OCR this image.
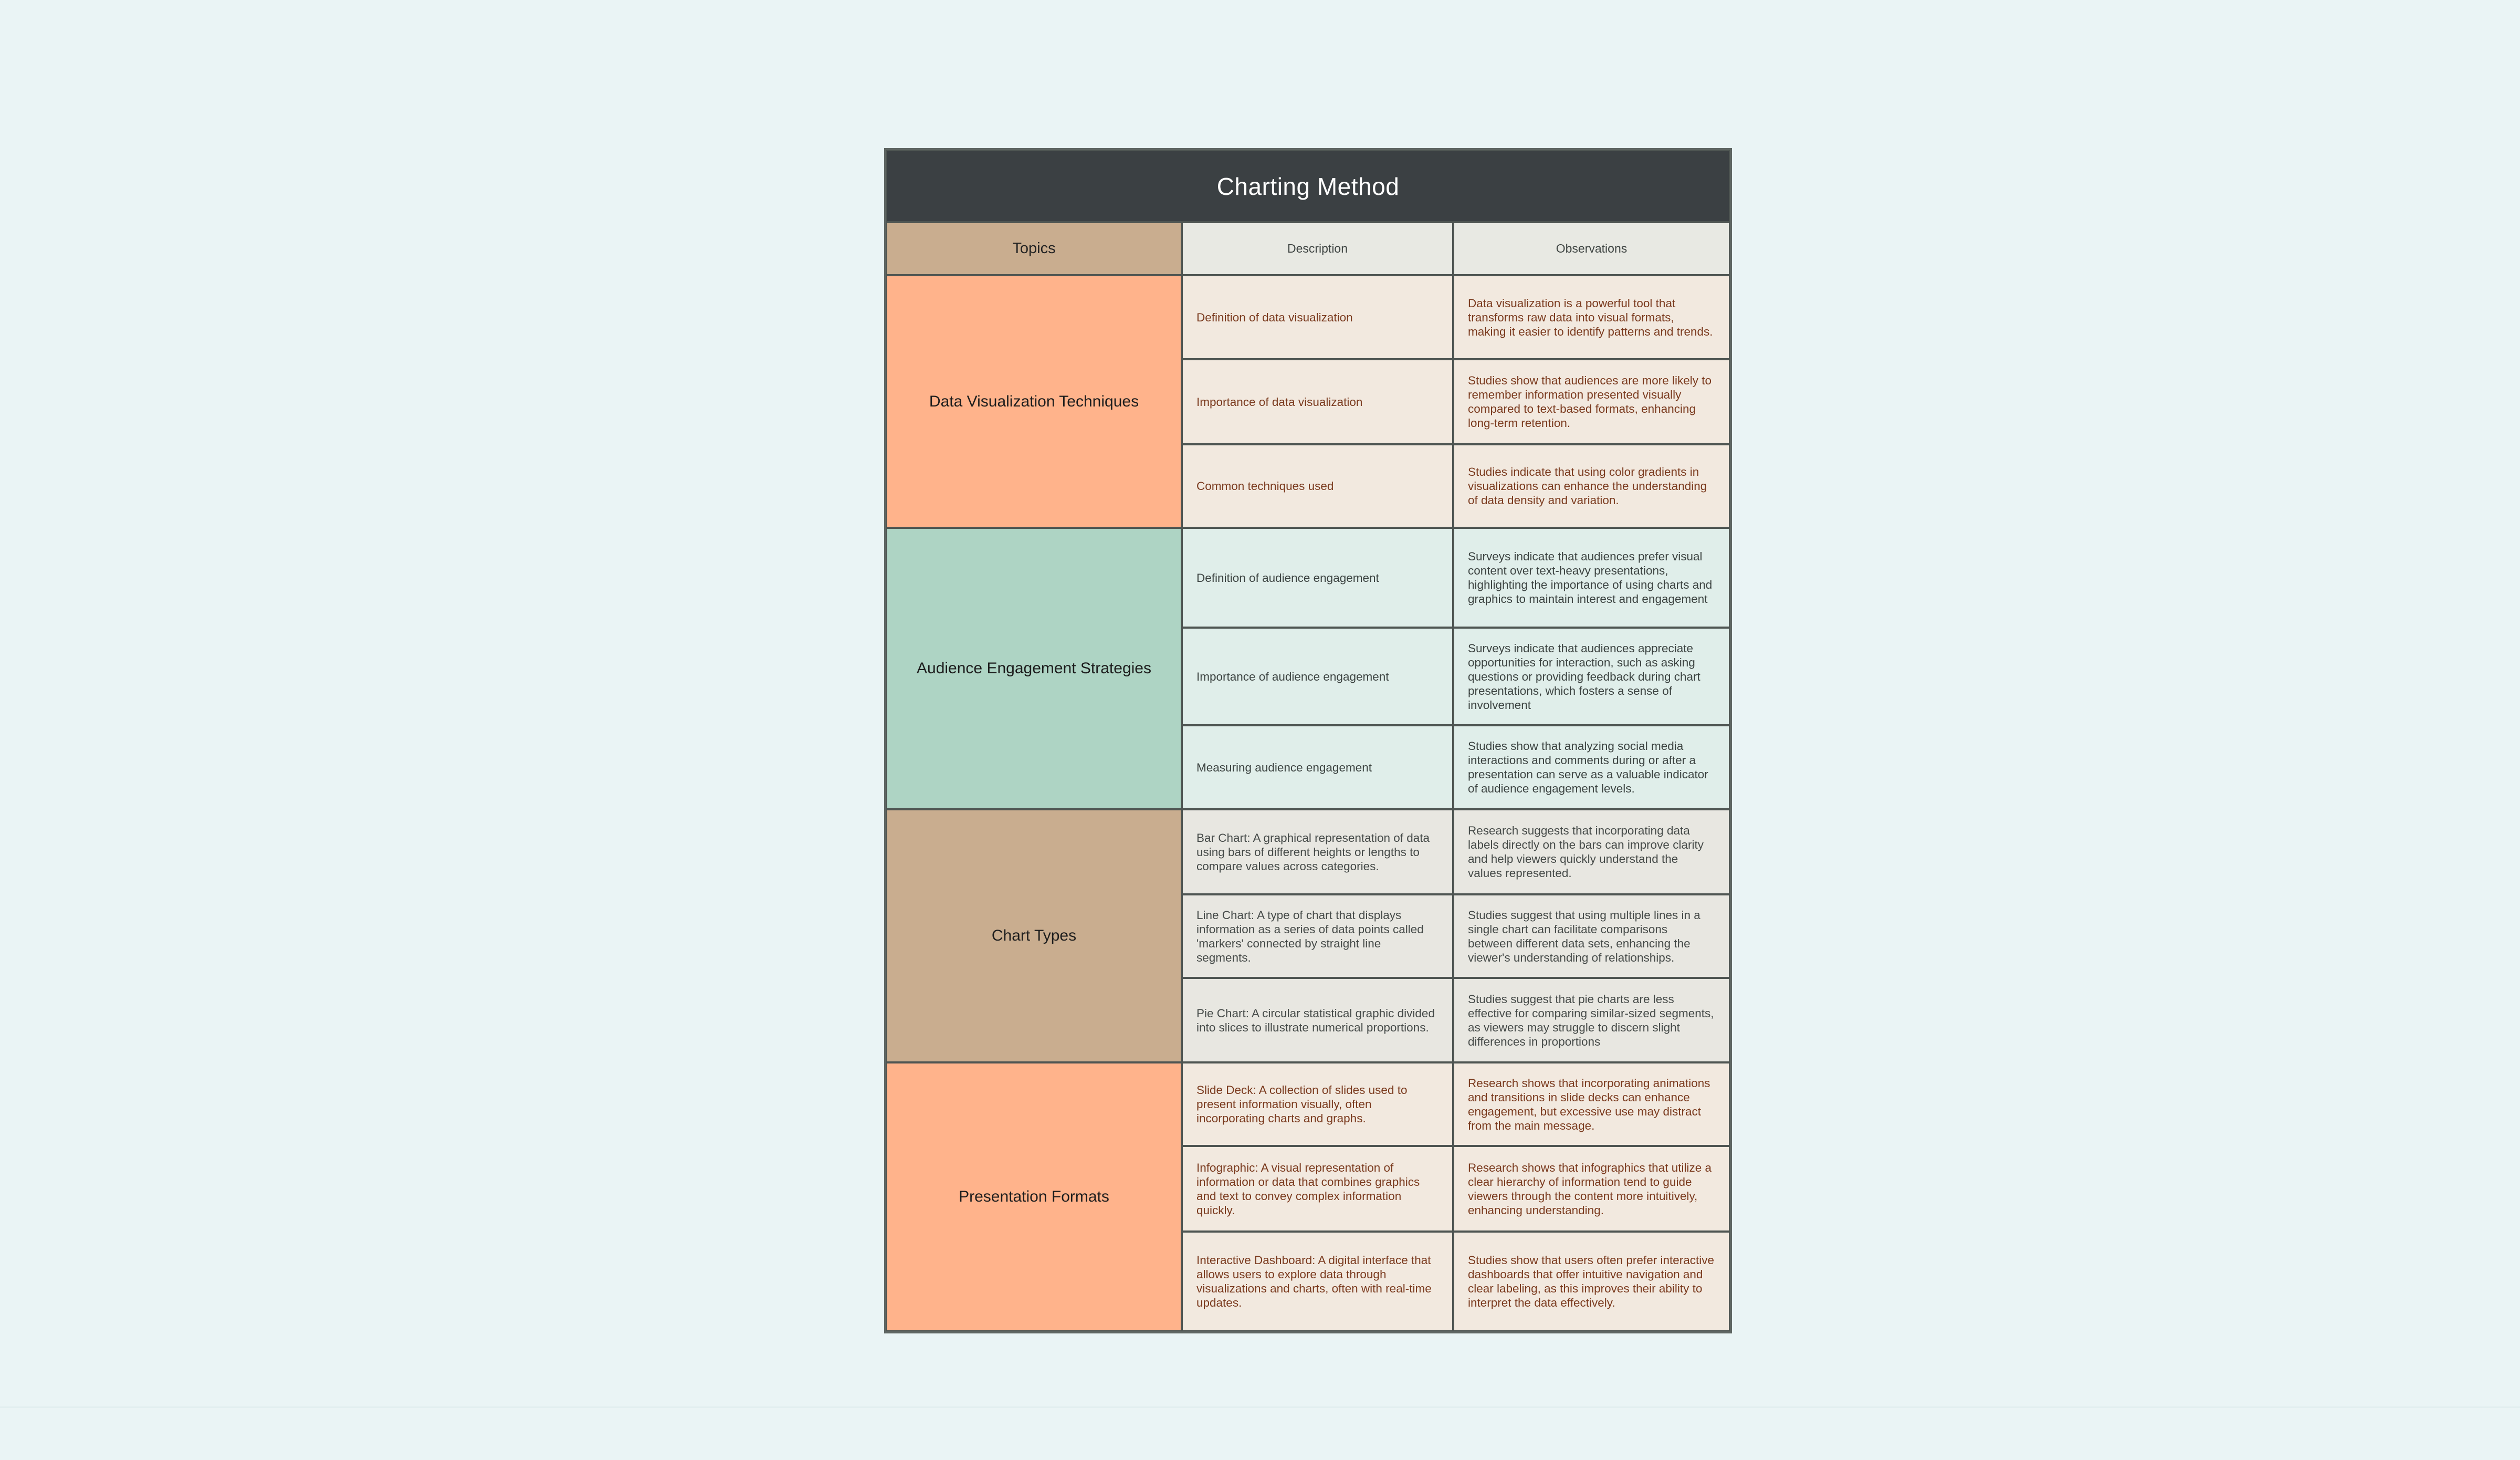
Charting Method
Topics	Description	Observations
Data Visualization Techniques
Definition of data visualization
Data visualization is a powerful tool that transforms raw data into visual formats, making it easier to identify patterns and trends.
Importance of data visualization
Studies show that audiences are more likely to remember information presented visually compared to text-based formats, enhancing long-term retention.
Common techniques used
Studies indicate that using color gradients in visualizations can enhance the understanding of data density and variation.
Audience Engagement Strategies
Definition of audience engagement
Surveys indicate that audiences prefer visual content over text-heavy presentations, highlighting the importance of using charts and graphics to maintain interest and engagement
Importance of audience engagement
Surveys indicate that audiences appreciate opportunities for interaction, such as asking questions or providing feedback during chart presentations, which fosters a sense of involvement
Measuring audience engagement
Studies show that analyzing social media interactions and comments during or after a presentation can serve as a valuable indicator of audience engagement levels.
Chart Types
Bar Chart: A graphical representation of data using bars of different heights or lengths to compare values across categories.
Research suggests that incorporating data labels directly on the bars can improve clarity and help viewers quickly understand the values represented.
Line Chart: A type of chart that displays information as a series of data points called 'markers' connected by straight line segments.
Studies suggest that using multiple lines in a single chart can facilitate comparisons between different data sets, enhancing the viewer's understanding of relationships.
Pie Chart: A circular statistical graphic divided into slices to illustrate numerical proportions.
Studies suggest that pie charts are less effective for comparing similar-sized segments, as viewers may struggle to discern slight differences in proportions
Presentation Formats
Slide Deck: A collection of slides used to present information visually, often incorporating charts and graphs.
Research shows that incorporating animations and transitions in slide decks can enhance engagement, but excessive use may distract from the main message.
Infographic: A visual representation of information or data that combines graphics and text to convey complex information quickly.
Research shows that infographics that utilize a clear hierarchy of information tend to guide viewers through the content more intuitively, enhancing understanding.
Interactive Dashboard: A digital interface that allows users to explore data through visualizations and charts, often with real-time updates.
Studies show that users often prefer interactive dashboards that offer intuitive navigation and clear labeling, as this improves their ability to interpret the data effectively.
